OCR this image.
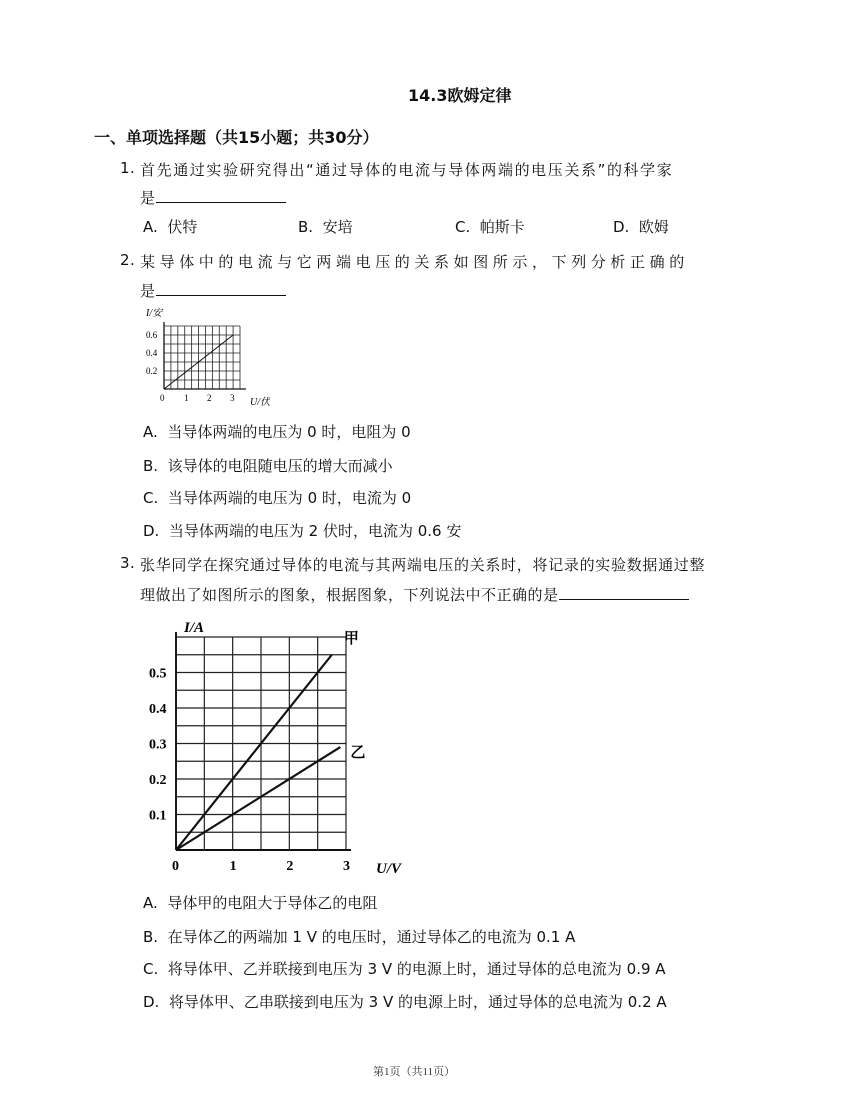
14.3欧姆定律
一、单项选择题（共15小题；共30分）
1. 首先通过实验研究得出“通过导体的电流与导体两端的电压关系”的科学家
是
A. 伏特	B. 安培	C. 帕斯卡	D. 欧姆
2. 某导体中的电流与它两端电压的关系如图所示，下列分析正确的
是
I/安
U/伏
0 1 2 3
0.2
0.4
0.6
A. 当导体两端的电压为 0 时，电阻为 0
B. 该导体的电阻随电压的增大而减小
C. 当导体两端的电压为 0 时，电流为 0
D. 当导体两端的电压为 2 伏时，电流为 0.6 安
3. 张华同学在探究通过导体的电流与其两端电压的关系时，将记录的实验数据通过整
理做出了如图所示的图象，根据图象，下列说法中不正确的是
I/A
U/V
0	1	2	3
0.1
0.2
0.3
0.4
0.5
甲
乙
A. 导体甲的电阻大于导体乙的电阻
B. 在导体乙的两端加 1 V 的电压时，通过导体乙的电流为 0.1 A
C. 将导体甲、乙并联接到电压为 3 V 的电源上时，通过导体的总电流为 0.9 A
D. 将导体甲、乙串联接到电压为 3 V 的电源上时，通过导体的总电流为 0.2 A
第1页（共11页）
